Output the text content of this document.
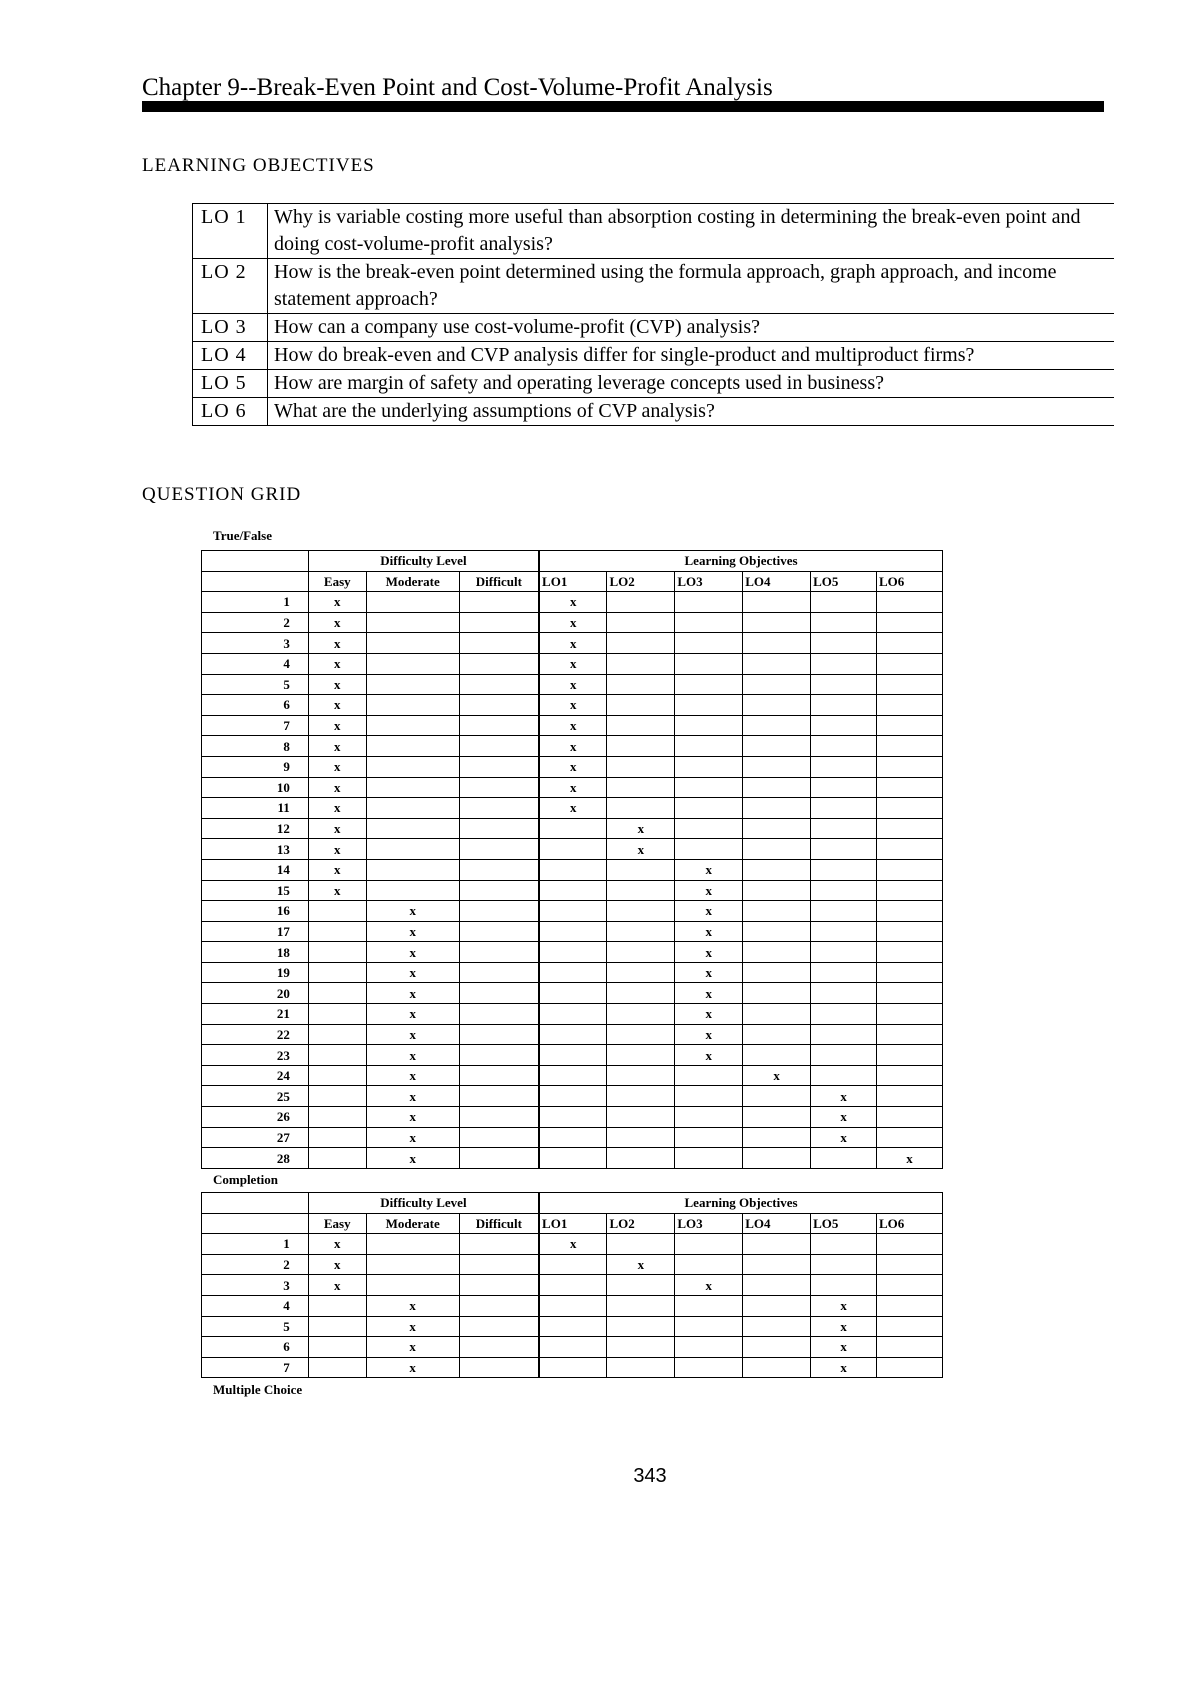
Chapter 9--Break-Even Point and Cost-Volume-Profit Analysis
LEARNING OBJECTIVES
LO 1	Why is variable costing more useful than absorption costing in determining the break-even point and doing cost-volume-profit analysis?
LO 2	How is the break-even point determined using the formula approach, graph approach, and income statement approach?
LO 3	How can a company use cost-volume-profit (CVP) analysis?
LO 4	How do break-even and CVP analysis differ for single-product and multiproduct firms?
LO 5	How are margin of safety and operating leverage concepts used in business?
LO 6	What are the underlying assumptions of CVP analysis?
QUESTION GRID
True/False
	Difficulty Level			Learning Objectives					
	Easy	Moderate	Difficult	LO1	LO2	LO3	LO4	LO5	LO6
1	x			x					
2	x			x					
3	x			x					
4	x			x					
5	x			x					
6	x			x					
7	x			x					
8	x			x					
9	x			x					
10	x			x					
11	x			x					
12	x				x				
13	x				x				
14	x					x			
15	x					x			
16		x				x			
17		x				x			
18		x				x			
19		x				x			
20		x				x			
21		x				x			
22		x				x			
23		x				x			
24		x					x		
25		x						x	
26		x						x	
27		x						x	
28		x							x
Completion
	Difficulty Level			Learning Objectives					
	Easy	Moderate	Difficult	LO1	LO2	LO3	LO4	LO5	LO6
1	x			x					
2	x				x				
3	x					x			
4		x						x	
5		x						x	
6		x						x	
7		x						x	
Multiple Choice
343
